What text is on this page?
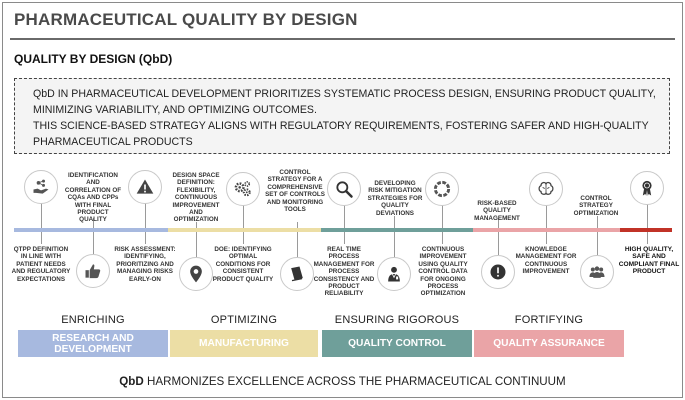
PHARMACEUTICAL QUALITY BY DESIGN
QUALITY BY DESIGN (QbD)

QbD IN PHARMACEUTICAL DEVELOPMENT PRIORITIZES SYSTEMATIC PROCESS DESIGN, ENSURING PRODUCT QUALITY,

MINIMIZING VARIABILITY, AND OPTIMIZING OUTCOMES.

THIS SCIENCE-BASED STRATEGY ALIGNS WITH REGULATORY REQUIREMENTS, FOSTERING SAFER AND HIGH-QUALITY

PHARMACEUTICAL PRODUCTS

IDENTIFICATION AND CORRELATION OF CQAs AND CPPs WITH FINAL PRODUCT QUALITY
DESIGN SPACE DEFINITION: FLEXIBILITY, CONTINUOUS IMPROVEMENT AND OPTIMIZATION
CONTROL STRATEGY FOR A COMPREHENSIVE SET OF CONTROLS AND MONITORING TOOLS
DEVELOPING RISK MITIGATION STRATEGIES FOR QUALITY DEVIATIONS
RISK-BASED QUALITY MANAGEMENT
CONTROL STRATEGY OPTIMIZATION
QTPP DEFINITION IN LINE WITH PATIENT NEEDS AND REGULATORY EXPECTATIONS
RISK ASSESSMENT: IDENTIFYING, PRIORITIZING AND MANAGING RISKS EARLY-ON
DOE: IDENTIFYING OPTIMAL CONDITIONS FOR CONSISTENT PRODUCT QUALITY
REAL TIME PROCESS MANAGEMENT FOR PROCESS CONSISTENCY AND PRODUCT RELIABILITY
CONTINUOUS IMPROVEMENT USING QUALITY CONTROL DATA FOR ONGOING PROCESS OPTIMIZATION
KNOWLEDGE MANAGEMENT FOR CONTINUOUS IMPROVEMENT
HIGH QUALITY, SAFE AND COMPLIANT FINAL PRODUCT
ENRICHING	OPTIMIZING	ENSURING RIGOROUS	FORTIFYING
RESEARCH AND DEVELOPMENT	MANUFACTURING	QUALITY CONTROL	QUALITY ASSURANCE
QbD HARMONIZES EXCELLENCE ACROSS THE PHARMACEUTICAL CONTINUUM
